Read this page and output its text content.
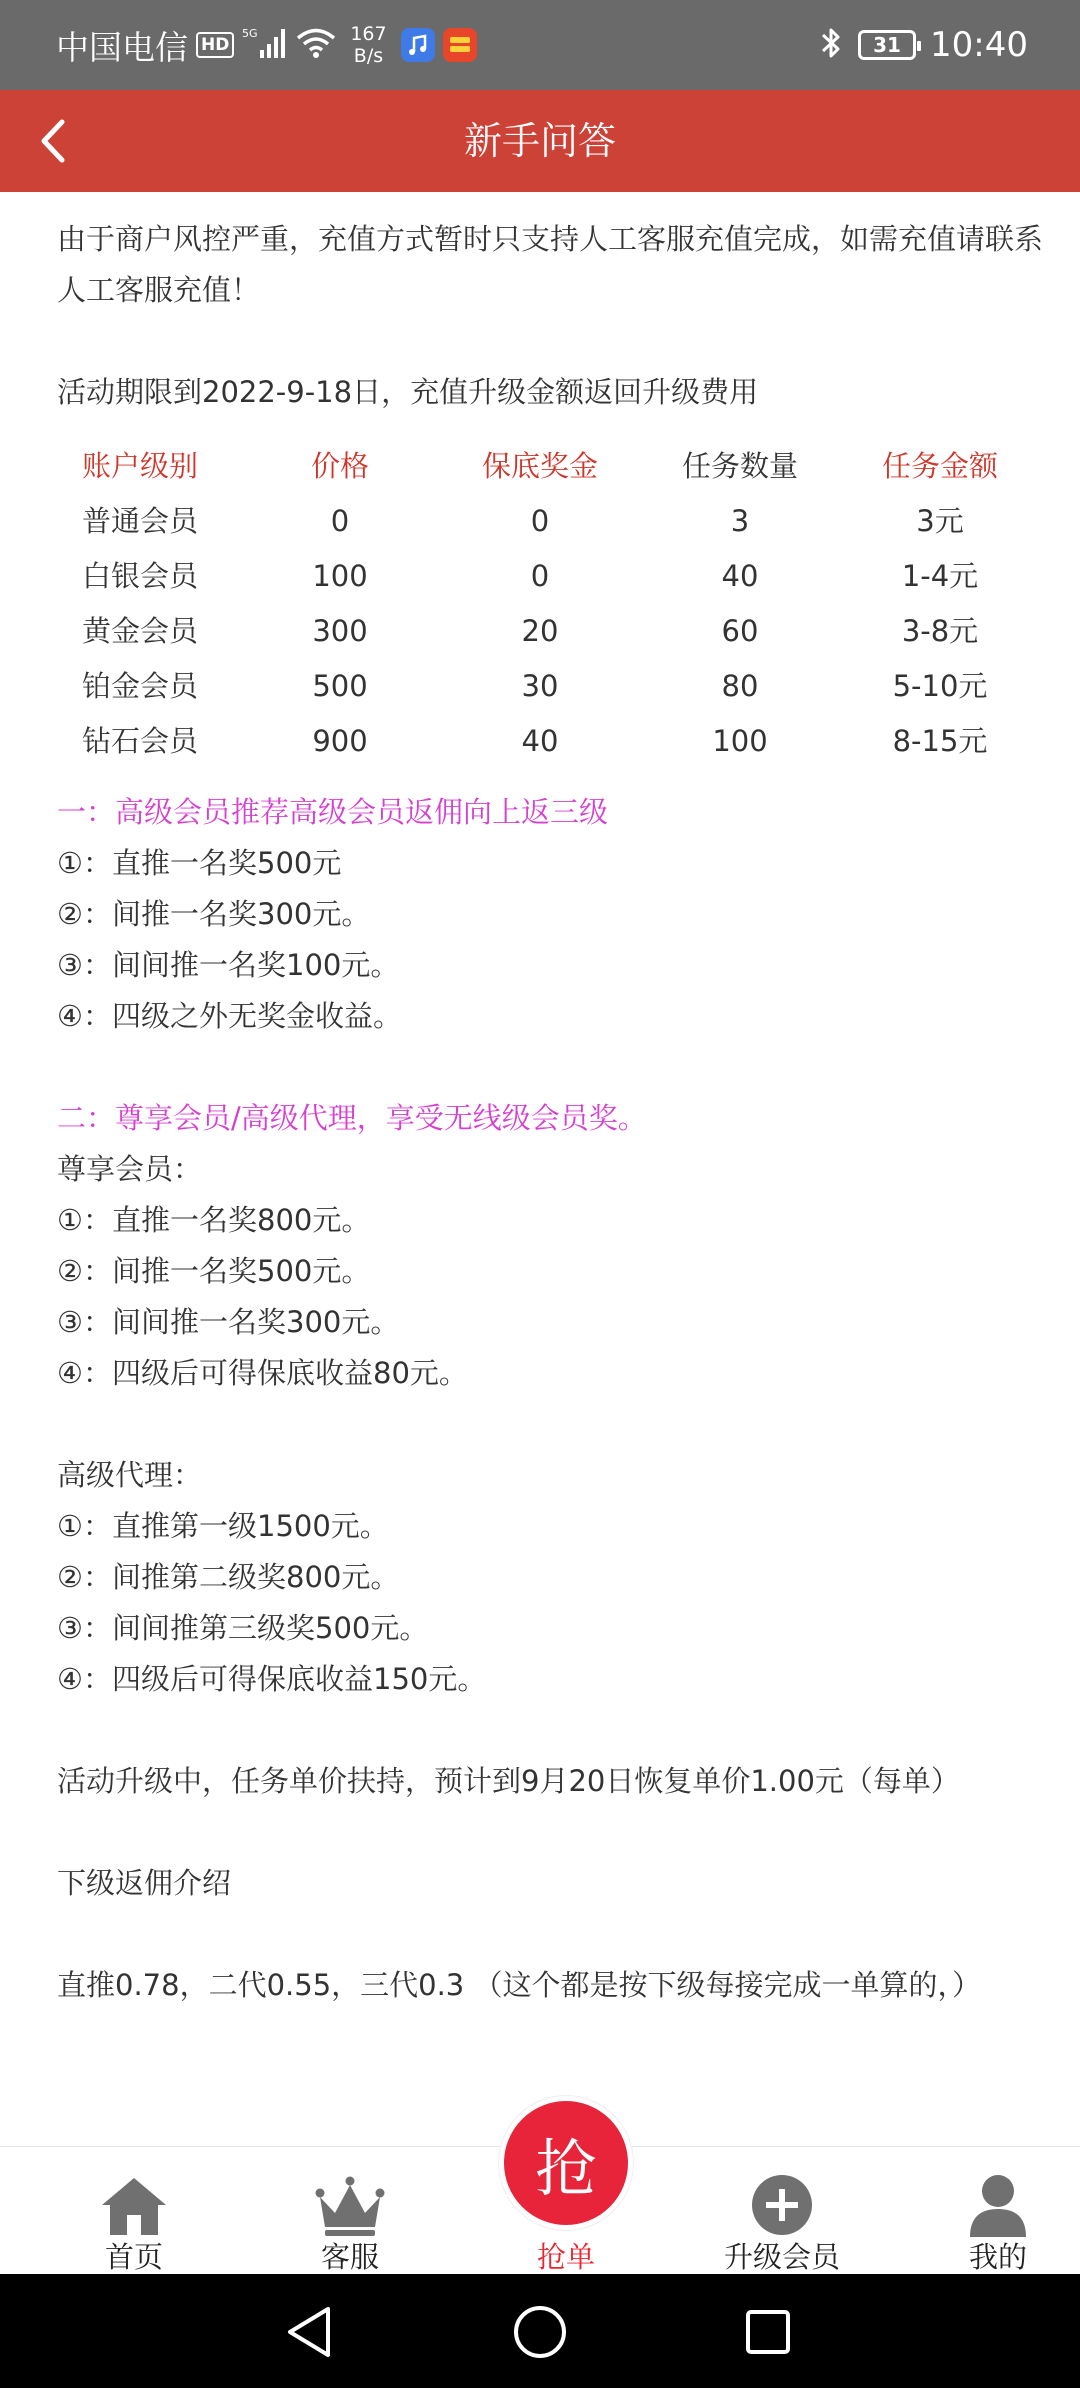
中国电信 HD
5G	167
B/s	31 10:40
新手问答
由于商户风控严重，充值方式暂时只支持人工客服充值完成，如需充值请联系人工客服充值！
活动期限到2022-9-18日，充值升级金额返回升级费用
账户级别	价格	保底奖金	任务数量	任务金额
普通会员	0	0	3	3元
白银会员	100	0	40	1-4元
黄金会员	300	20	60	3-8元
铂金会员	500	30	80	5-10元
钻石会员	900	40	100	8-15元
一：高级会员推荐高级会员返佣向上返三级
①：直推一名奖500元
②：间推一名奖300元。
③：间间推一名奖100元。
④：四级之外无奖金收益。
二：尊享会员/高级代理，享受无线级会员奖。
尊享会员：
①：直推一名奖800元。
②：间推一名奖500元。
③：间间推一名奖300元。
④：四级后可得保底收益80元。
高级代理：
①：直推第一级1500元。
②：间推第二级奖800元。
③：间间推第三级奖500元。
④：四级后可得保底收益150元。
活动升级中，任务单价扶持，预计到9月20日恢复单价1.00元（每单）
下级返佣介绍
直推0.78，二代0.55，三代0.3 （这个都是按下级每接完成一单算的，）
首页	客服	抢单	升级会员	我的
抢
